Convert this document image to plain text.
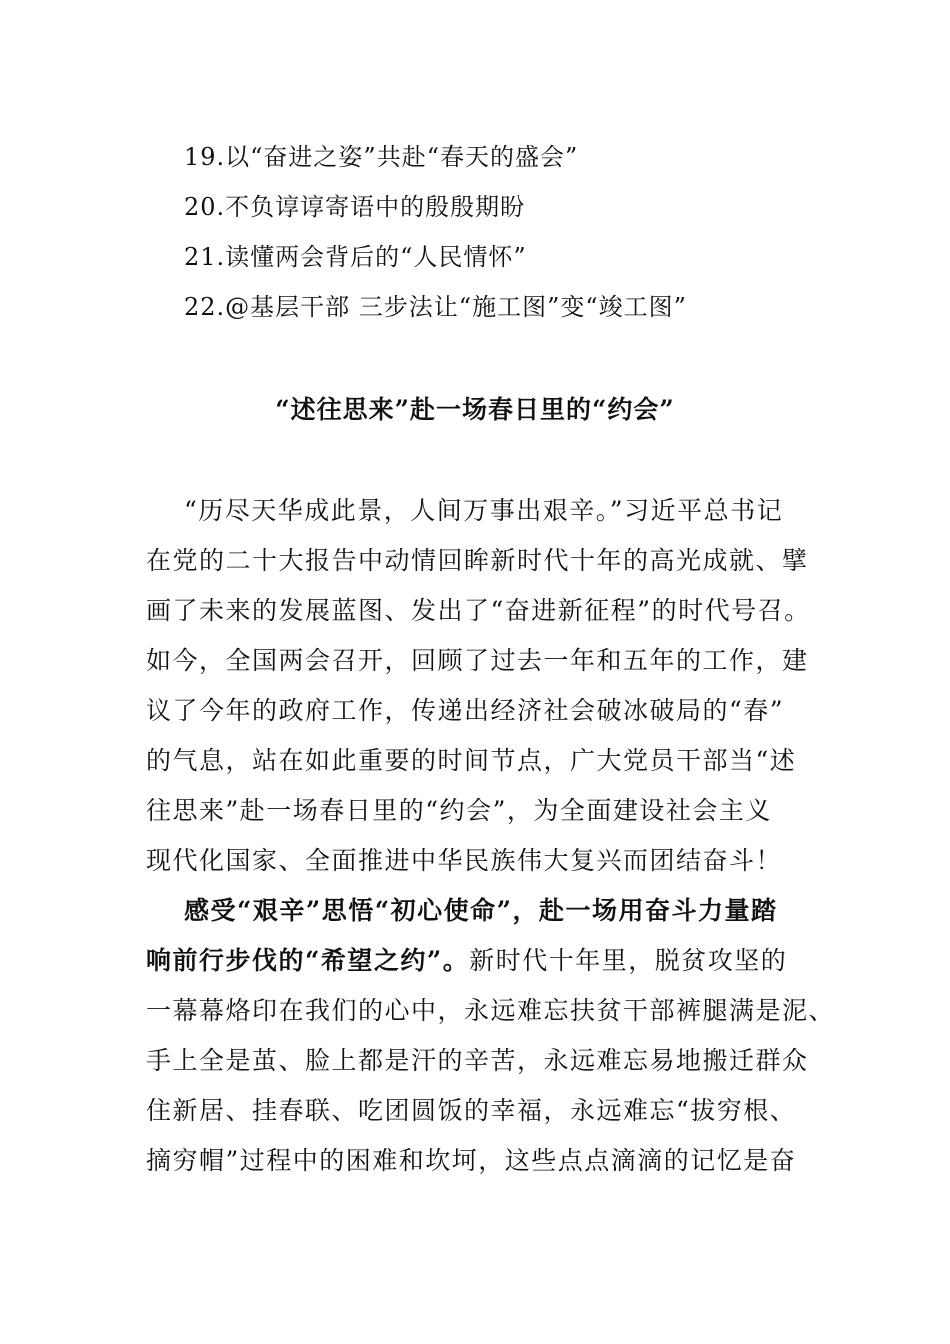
19.以“奋进之姿”共赴“春天的盛会”
20.不负谆谆寄语中的殷殷期盼
21.读懂两会背后的“人民情怀”
22.@基层干部 三步法让“施工图”变“竣工图”
“述往思来”赴一场春日里的“约会”
“历尽天华成此景，人间万事出艰辛。”习近平总书记
在党的二十大报告中动情回眸新时代十年的高光成就、擘
画了未来的发展蓝图、发出了“奋进新征程”的时代号召。
如今，全国两会召开，回顾了过去一年和五年的工作，建
议了今年的政府工作，传递出经济社会破冰破局的“春”
的气息，站在如此重要的时间节点，广大党员干部当“述
往思来”赴一场春日里的“约会”，为全面建设社会主义
现代化国家、全面推进中华民族伟大复兴而团结奋斗！
感受“艰辛”思悟“初心使命”，赴一场用奋斗力量踏
响前行步伐的“希望之约”。新时代十年里，脱贫攻坚的
一幕幕烙印在我们的心中，永远难忘扶贫干部裤腿满是泥、
手上全是茧、脸上都是汗的辛苦，永远难忘易地搬迁群众
住新居、挂春联、吃团圆饭的幸福，永远难忘“拔穷根、
摘穷帽”过程中的困难和坎坷，这些点点滴滴的记忆是奋
